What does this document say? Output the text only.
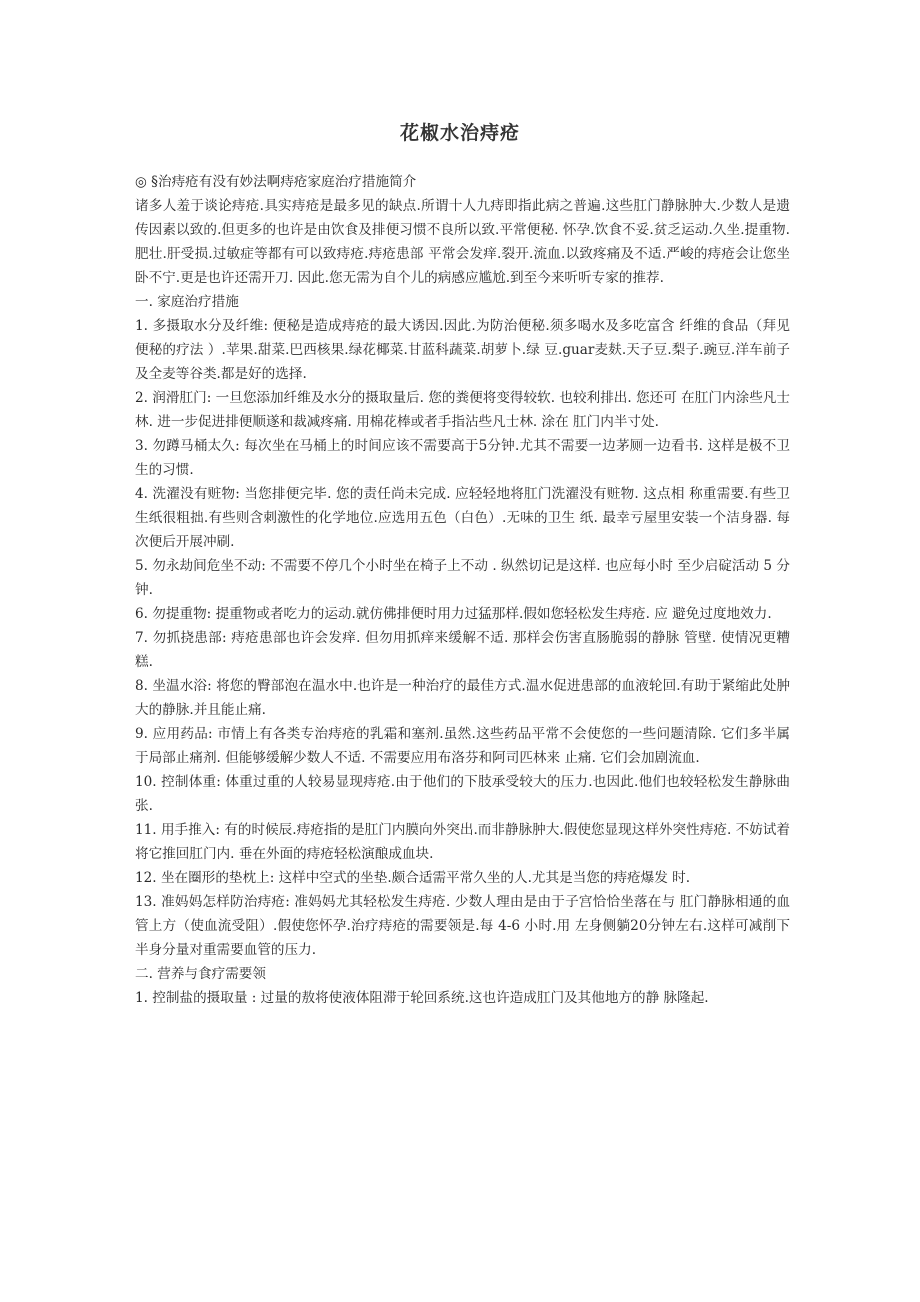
花椒水治痔疮

◎ §治痔疮有没有妙法啊痔疮家庭治疗措施简介

诸多人羞于谈论痔疮.具实痔疮是最多见的缺点.所谓十人九痔即指此病之普遍.这些肛门静脉肿大.少数人是遗传因素以致的.但更多的也许是由饮食及排便习惯不良所以致.平常便秘. 怀孕.饮食不妥.贫乏运动.久坐.提重物.肥壮.肝受损.过敏症等都有可以致痔疮.痔疮患部 平常会发痒.裂开.流血.以致疼痛及不适.严峻的痔疮会让您坐卧不宁.更是也许还需开刀. 因此.您无需为自个儿的病感应尴尬.到至今来听听专家的推荐.

一. 家庭治疗措施

1. 多摄取水分及纤维: 便秘是造成痔疮的最大诱因.因此.为防治便秘.须多喝水及多吃富含 纤维的食品（拜见便秘的疗法 ）.苹果.甜菜.巴西核果.绿花椰菜.甘蓝科蔬菜.胡萝卜.绿 豆.guar麦麸.天子豆.梨子.豌豆.洋车前子及全麦等谷类.都是好的选择.

2. 润滑肛门: 一旦您添加纤维及水分的摄取量后. 您的粪便将变得较软. 也较利排出. 您还可 在肛门内涂些凡士林. 进一步促进排便顺遂和裁减疼痛. 用棉花棒或者手指沾些凡士林. 涂在 肛门内半寸处.

3. 勿蹲马桶太久: 每次坐在马桶上的时间应该不需要高于5分钟.尤其不需要一边茅厕一边看书. 这样是极不卫生的习惯.

4. 洗濯没有赃物: 当您排便完毕. 您的责任尚未完成. 应轻轻地将肛门洗濯没有赃物. 这点相 称重需要.有些卫生纸很粗拙.有些则含刺激性的化学地位.应选用五色（白色）.无味的卫生 纸. 最幸亏屋里安装一个洁身器. 每次便后开展冲刷.

5. 勿永劫间危坐不动: 不需要不停几个小时坐在椅子上不动 . 纵然切记是这样. 也应每小时 至少启碇活动 5 分钟.

6. 勿提重物: 提重物或者吃力的运动.就仿佛排便时用力过猛那样.假如您轻松发生痔疮. 应 避免过度地效力.

7. 勿抓挠患部: 痔疮患部也许会发痒. 但勿用抓痒来缓解不适. 那样会伤害直肠脆弱的静脉 管壁. 使情况更糟糕.

8. 坐温水浴: 将您的臀部泡在温水中.也许是一种治疗的最佳方式.温水促进患部的血液轮回.有助于紧缩此处肿大的静脉.并且能止痛.

9. 应用药品: 市情上有各类专治痔疮的乳霜和塞剂.虽然.这些药品平常不会使您的一些问题清除. 它们多半属于局部止痛剂. 但能够缓解少数人不适. 不需要应用布洛芬和阿司匹林来 止痛. 它们会加剧流血.

10. 控制体重: 体重过重的人较易显现痔疮.由于他们的下肢承受较大的压力.也因此.他们也较轻松发生静脉曲张.

11. 用手推入: 有的时候辰.痔疮指的是肛门内膜向外突出.而非静脉肿大.假使您显现这样外突性痔疮. 不妨试着将它推回肛门内. 垂在外面的痔疮轻松演酿成血块.

12. 坐在圈形的垫枕上: 这样中空式的坐垫.颇合适需平常久坐的人.尤其是当您的痔疮爆发 时.

13. 准妈妈怎样防治痔疮: 准妈妈尤其轻松发生痔疮. 少数人理由是由于子宫恰恰坐落在与 肛门静脉相通的血管上方（使血流受阻）.假使您怀孕.治疗痔疮的需要领是.每 4-6 小时.用 左身侧躺20分钟左右.这样可减削下半身分量对重需要血管的压力.

二. 营养与食疗需要领

1. 控制盐的摄取量 : 过量的敖将使液体阻滞于轮回系统.这也许造成肛门及其他地方的静 脉隆起.
